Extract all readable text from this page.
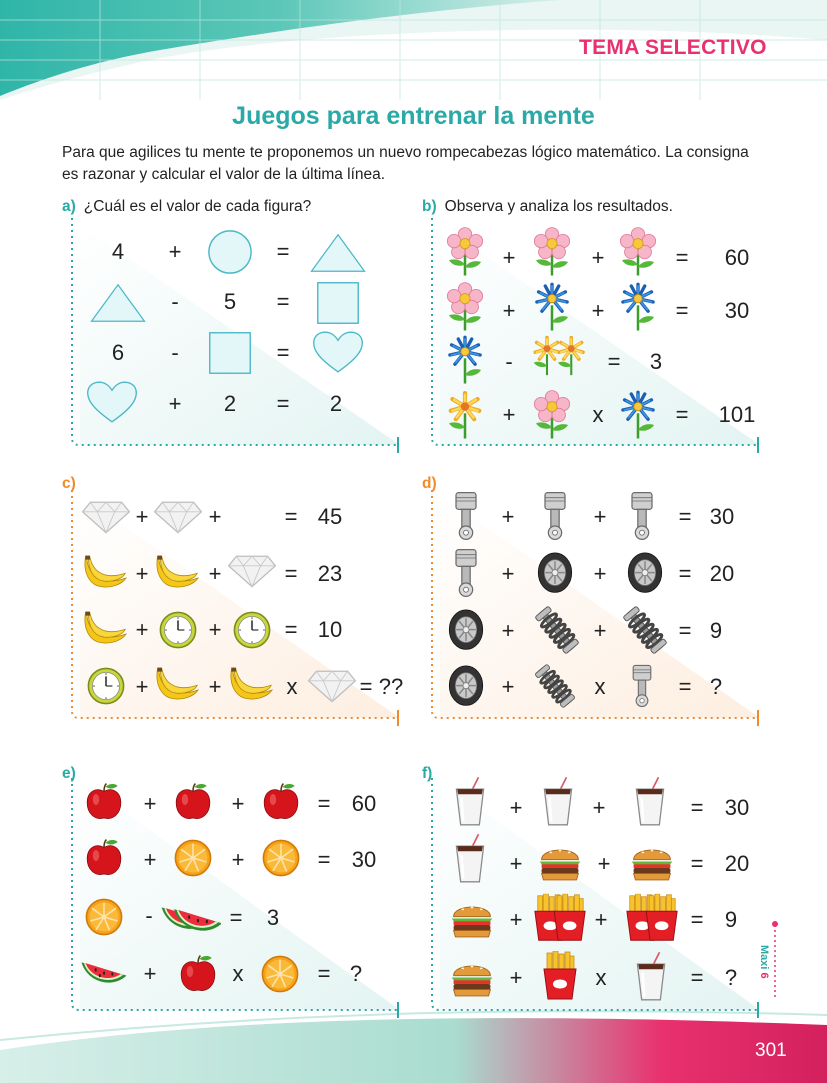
TEMA SELECTIVO
301
Juegos para entrenar la mente
Para que agilices tu mente te proponemos un nuevo rompecabezas lógico matemático. La consigna es razonar y calcular el valor de la última línea.
Maxi 6
a) ¿Cuál es el valor de cada figura?	b) Observa y analiza los resultados.
c)	d)
e)	f)
4 +	=
- 5 =
6 -	=
+ 2 = 2
+	+	= 60
+	+	= 30
-	= 3
+	x	= 101
+	+	= 45
+	+	= 23
+	+	= 10
+	+	x	= ??
+	+	= 30
+	+	= 20
+	+	= 9
+	x	= ?
+	+	= 60
+	+	= 30
-	= 3
+	x	= ?
+	+	= 30
+	+	= 20
+	+	= 9
+	x	= ?
